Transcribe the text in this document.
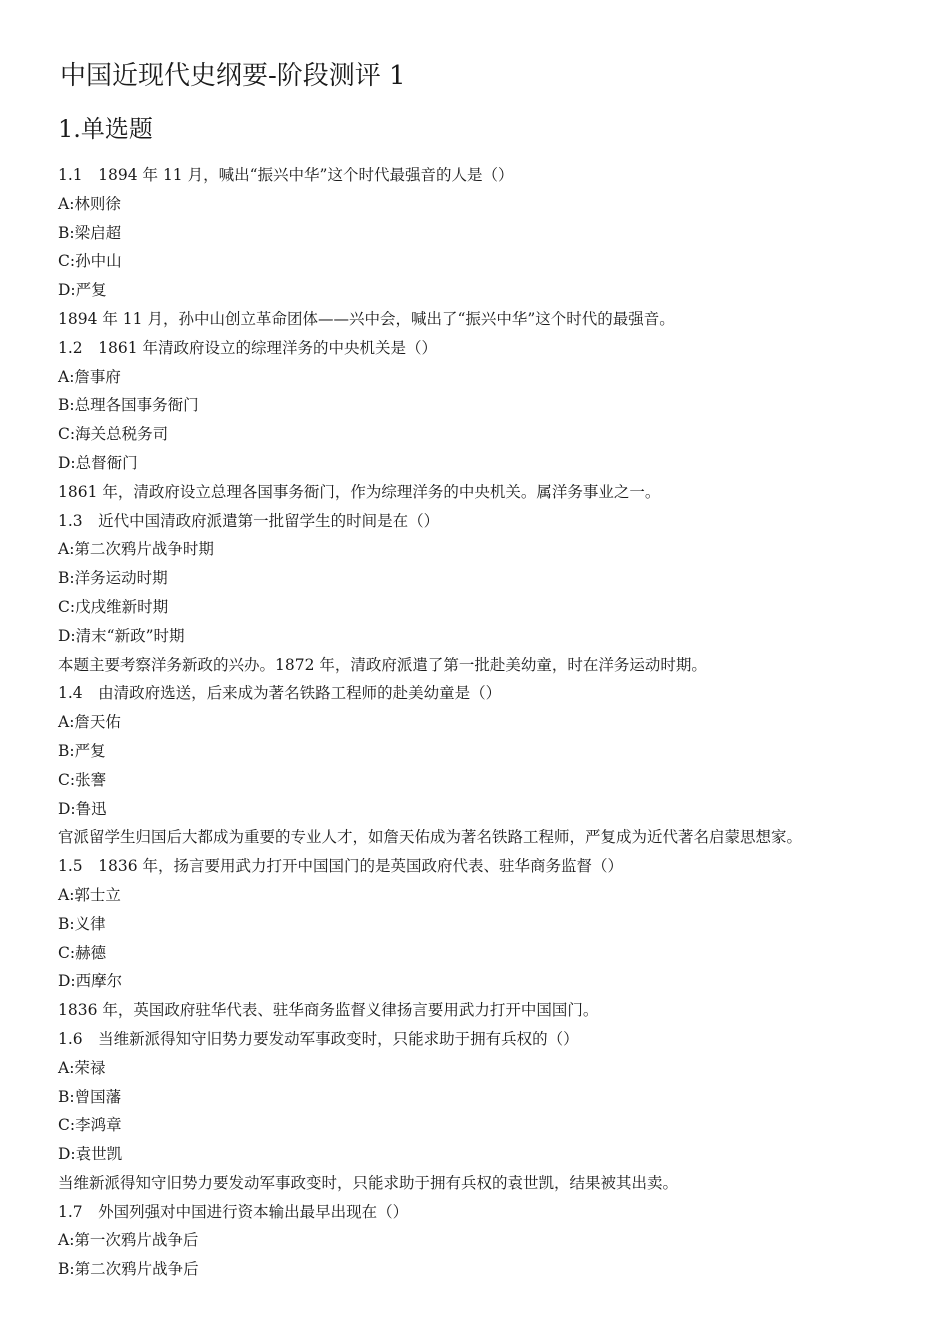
中国近现代史纲要-阶段测评 1
1.单选题
1.1　1894 年 11 月，喊出“振兴中华”这个时代最强音的人是（）
A:林则徐
B:梁启超
C:孙中山
D:严复
1894 年 11 月，孙中山创立革命团体——兴中会，喊出了“振兴中华”这个时代的最强音。
1.2　1861 年清政府设立的综理洋务的中央机关是（）
A:詹事府
B:总理各国事务衙门
C:海关总税务司
D:总督衙门
1861 年，清政府设立总理各国事务衙门，作为综理洋务的中央机关。属洋务事业之一。
1.3　近代中国清政府派遣第一批留学生的时间是在（）
A:第二次鸦片战争时期
B:洋务运动时期
C:戊戌维新时期
D:清末“新政”时期
本题主要考察洋务新政的兴办。1872 年，清政府派遣了第一批赴美幼童，时在洋务运动时期。
1.4　由清政府选送，后来成为著名铁路工程师的赴美幼童是（）
A:詹天佑
B:严复
C:张謇
D:鲁迅
官派留学生归国后大都成为重要的专业人才，如詹天佑成为著名铁路工程师，严复成为近代著名启蒙思想家。
1.5　1836 年，扬言要用武力打开中国国门的是英国政府代表、驻华商务监督（）
A:郭士立
B:义律
C:赫德
D:西摩尔
1836 年，英国政府驻华代表、驻华商务监督义律扬言要用武力打开中国国门。
1.6　当维新派得知守旧势力要发动军事政变时，只能求助于拥有兵权的（）
A:荣禄
B:曾国藩
C:李鸿章
D:袁世凯
当维新派得知守旧势力要发动军事政变时，只能求助于拥有兵权的袁世凯，结果被其出卖。
1.7　外国列强对中国进行资本输出最早出现在（）
A:第一次鸦片战争后
B:第二次鸦片战争后
